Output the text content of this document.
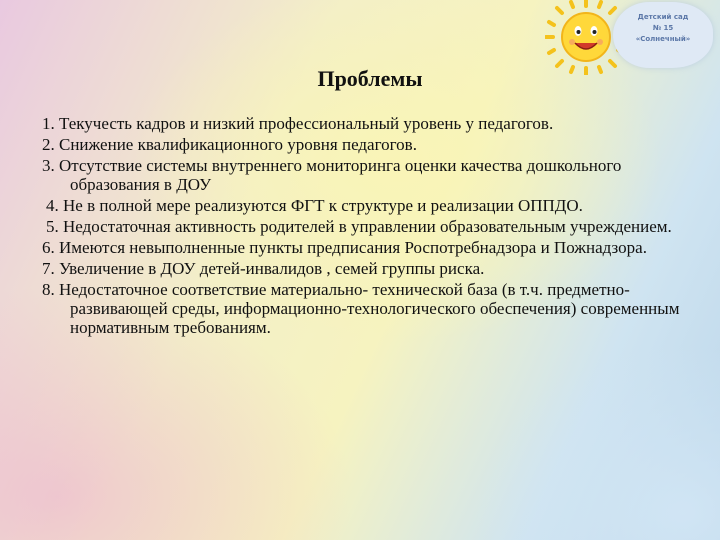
Детский сад
№ 15
«Солнечный»
Проблемы
1. Текучесть кадров и низкий профессиональный уровень у педагогов.
2. Снижение квалификационного уровня педагогов.
3. Отсутствие системы внутреннего мониторинга оценки качества дошкольного образования в ДОУ
4. Не в полной мере реализуются ФГТ к структуре и реализации ОППДО.
5. Недостаточная активность родителей в управлении образовательным учреждением.
6. Имеются невыполненные пункты предписания Роспотребнадзора и Пожнадзора.
7. Увеличение в ДОУ детей-инвалидов , семей группы риска.
8. Недостаточное соответствие материально- технической база (в т.ч. предметно-развивающей среды, информационно-технологического обеспечения) современным нормативным требованиям.
